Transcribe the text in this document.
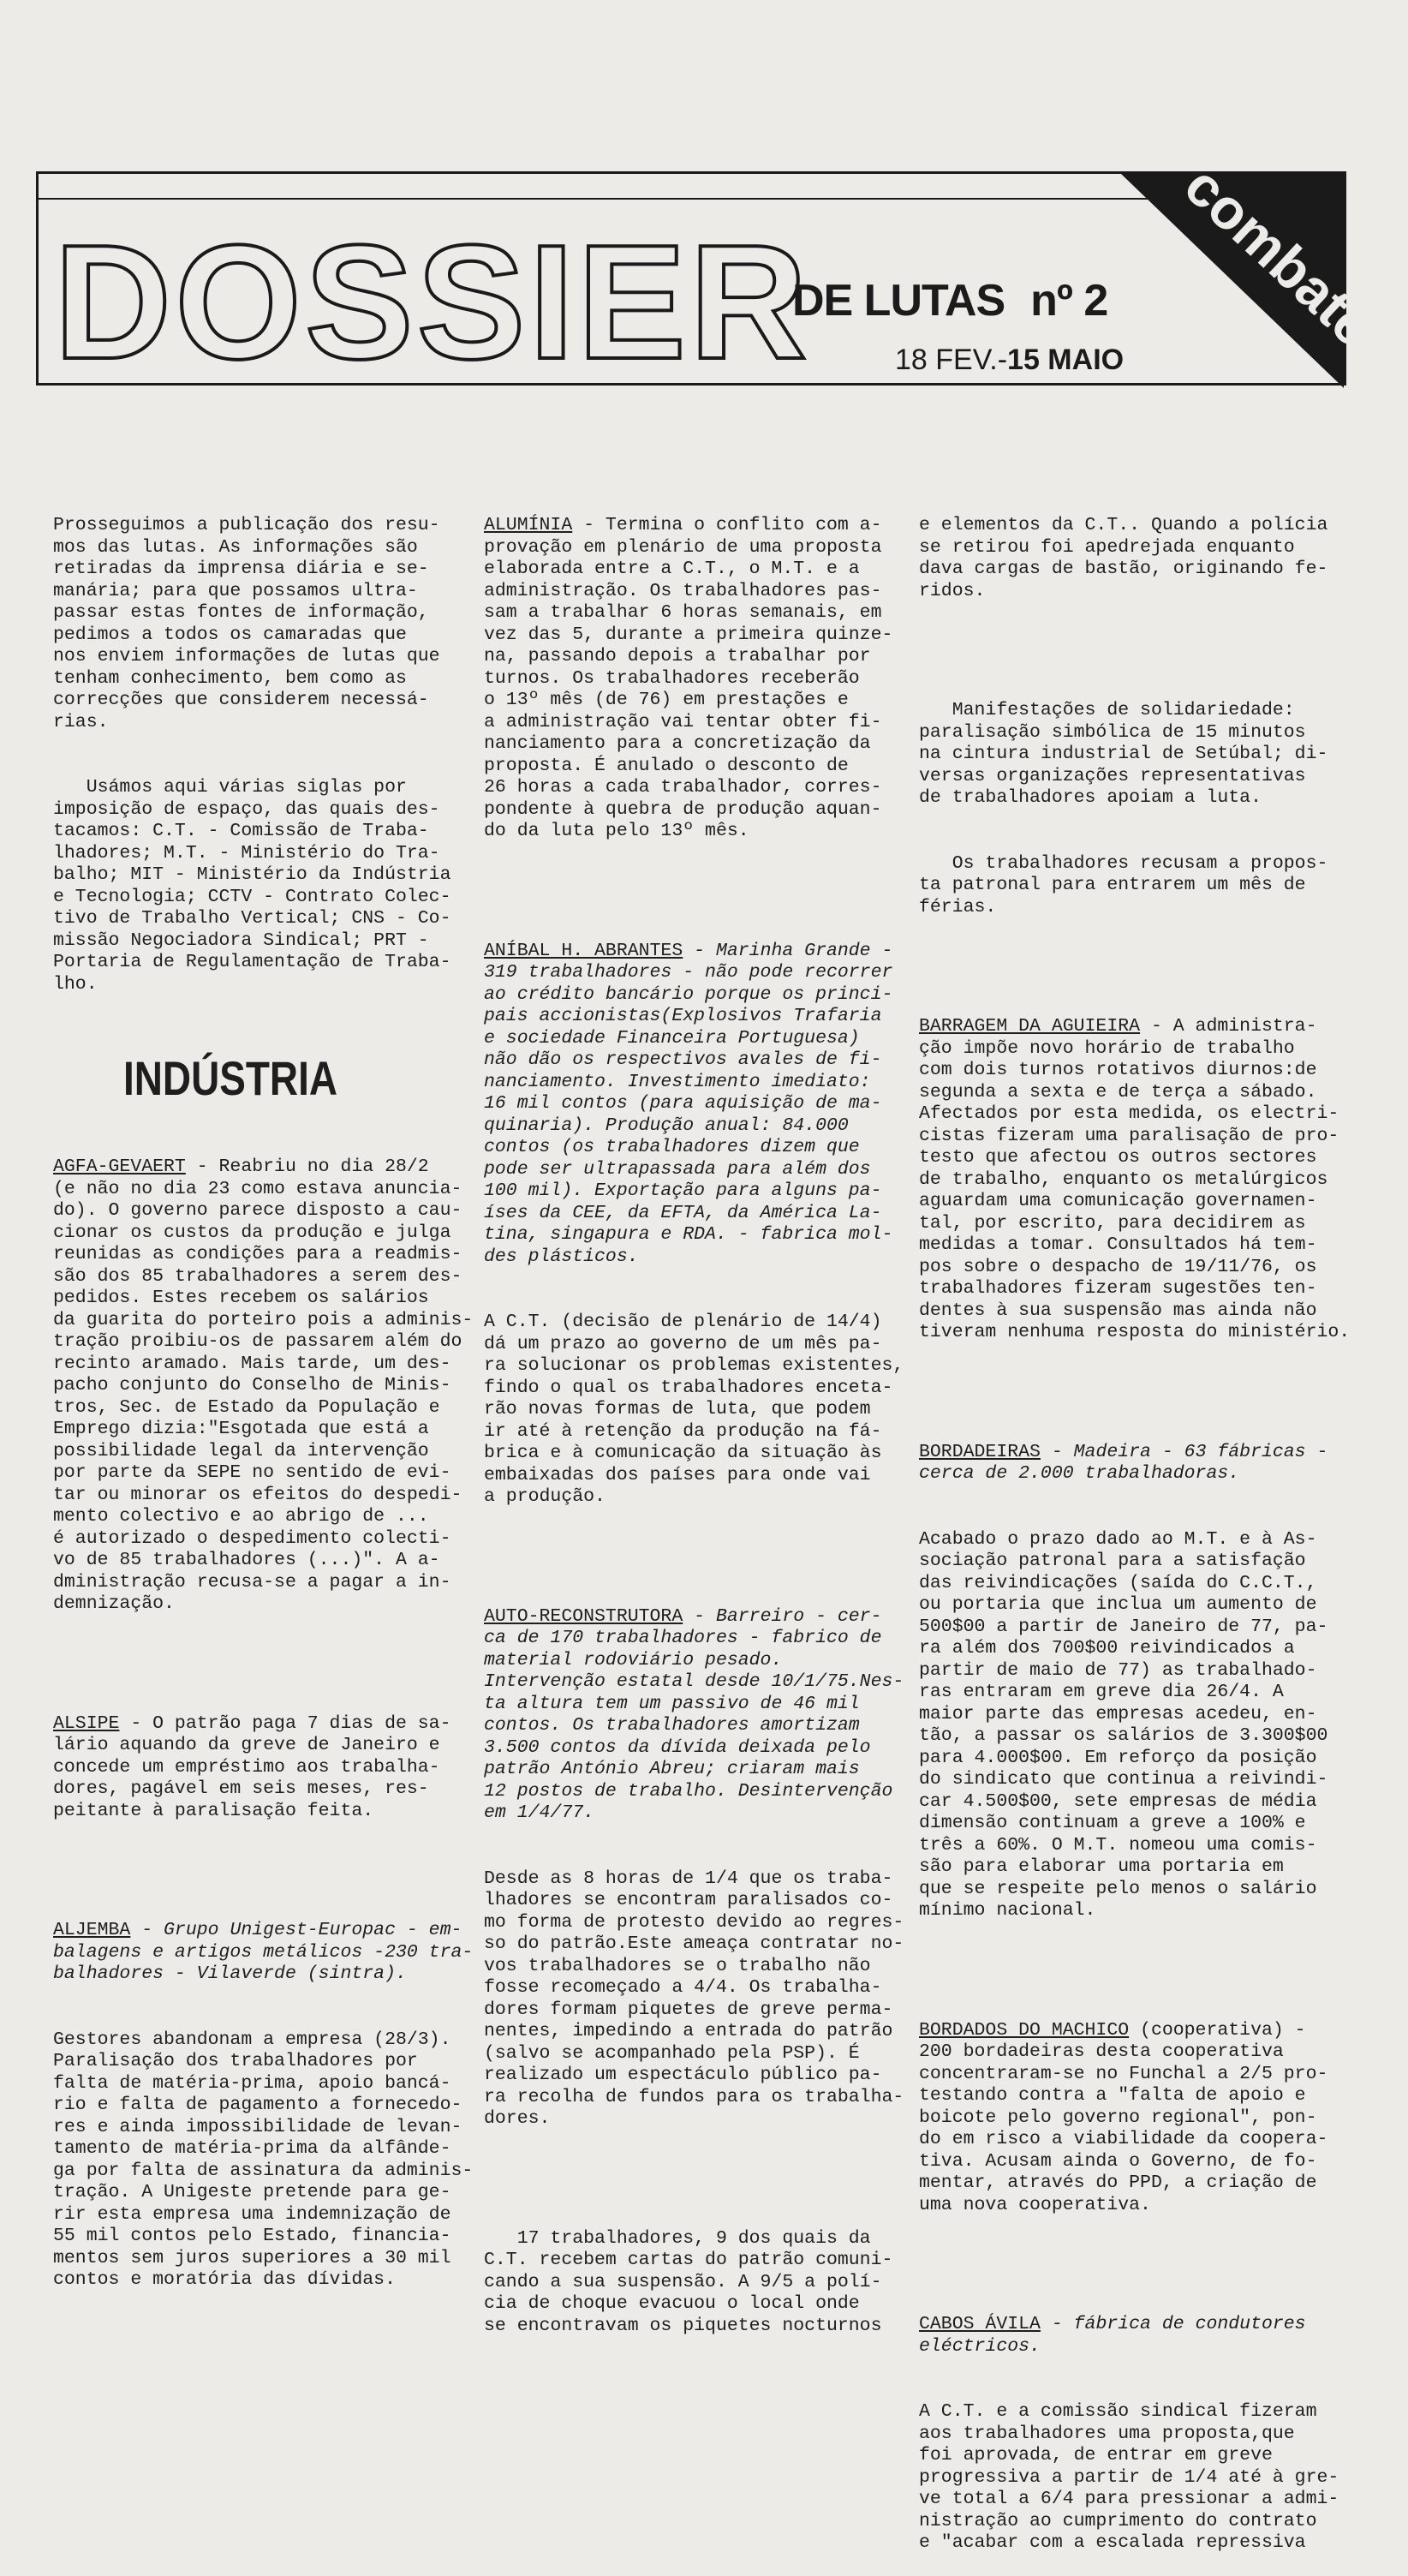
DOSSIER
DE LUTAS nº 2
18 FEV.-15 MAIO
combate

Prosseguimos a publicação dos resu-
mos das lutas. As informações são
retiradas da imprensa diária e se-
manária; para que possamos ultra-
passar estas fontes de informação,
pedimos a todos os camaradas que
nos enviem informações de lutas que
tenham conhecimento, bem como as
correcções que considerem necessá-
rias.

Usámos aqui várias siglas por
imposição de espaço, das quais des-
tacamos: C.T. - Comissão de Traba-
lhadores; M.T. - Ministério do Tra-
balho; MIT - Ministério da Indústria
e Tecnologia; CCTV - Contrato Colec-
tivo de Trabalho Vertical; CNS - Co-
missão Negociadora Sindical; PRT -
Portaria de Regulamentação de Traba-
lho.

INDÚSTRIA

AGFA-GEVAERT - Reabriu no dia 28/2
(e não no dia 23 como estava anuncia-
do). O governo parece disposto a cau-
cionar os custos da produção e julga
reunidas as condições para a readmis-
são dos 85 trabalhadores a serem des-
pedidos. Estes recebem os salários
da guarita do porteiro pois a adminis-
tração proibiu-os de passarem além do
recinto aramado. Mais tarde, um des-
pacho conjunto do Conselho de Minis-
tros, Sec. de Estado da População e
Emprego dizia:"Esgotada que está a
possibilidade legal da intervenção
por parte da SEPE no sentido de evi-
tar ou minorar os efeitos do despedi-
mento colectivo e ao abrigo de ...
é autorizado o despedimento colecti-
vo de 85 trabalhadores (...)". A a-
dministração recusa-se a pagar a in-
demnização.

ALSIPE - O patrão paga 7 dias de sa-
lário aquando da greve de Janeiro e
concede um empréstimo aos trabalha-
dores, pagável em seis meses, res-
peitante à paralisação feita.

ALJEMBA - Grupo Unigest-Europac - em-
balagens e artigos metálicos -230 tra-
balhadores - Vilaverde (sintra).

Gestores abandonam a empresa (28/3).
Paralisação dos trabalhadores por
falta de matéria-prima, apoio bancá-
rio e falta de pagamento a fornecedo-
res e ainda impossibilidade de levan-
tamento de matéria-prima da alfânde-
ga por falta de assinatura da adminis-
tração. A Unigeste pretende para ge-
rir esta empresa uma indemnização de
55 mil contos pelo Estado, financia-
mentos sem juros superiores a 30 mil
contos e moratória das dívidas.

ALUMÍNIA - Termina o conflito com a-
provação em plenário de uma proposta
elaborada entre a C.T., o M.T. e a
administração. Os trabalhadores pas-
sam a trabalhar 6 horas semanais, em
vez das 5, durante a primeira quinze-
na, passando depois a trabalhar por
turnos. Os trabalhadores receberão
o 13º mês (de 76) em prestações e
a administração vai tentar obter fi-
nanciamento para a concretização da
proposta. É anulado o desconto de
26 horas a cada trabalhador, corres-
pondente à quebra de produção aquan-
do da luta pelo 13º mês.

ANÍBAL H. ABRANTES - Marinha Grande -
319 trabalhadores - não pode recorrer
ao crédito bancário porque os princi-
pais accionistas(Explosivos Trafaria
e sociedade Financeira Portuguesa)
não dão os respectivos avales de fi-
nanciamento. Investimento imediato:
16 mil contos (para aquisição de ma-
quinaria). Produção anual: 84.000
contos (os trabalhadores dizem que
pode ser ultrapassada para além dos
100 mil). Exportação para alguns pa-
íses da CEE, da EFTA, da América La-
tina, singapura e RDA. - fabrica mol-
des plásticos.

A C.T. (decisão de plenário de 14/4)
dá um prazo ao governo de um mês pa-
ra solucionar os problemas existentes,
findo o qual os trabalhadores enceta-
rão novas formas de luta, que podem
ir até à retenção da produção na fá-
brica e à comunicação da situação às
embaixadas dos países para onde vai
a produção.

AUTO-RECONSTRUTORA - Barreiro - cer-
ca de 170 trabalhadores - fabrico de
material rodoviário pesado.
Intervenção estatal desde 10/1/75.Nes-
ta altura tem um passivo de 46 mil
contos. Os trabalhadores amortizam
3.500 contos da dívida deixada pelo
patrão António Abreu; criaram mais
12 postos de trabalho. Desintervenção
em 1/4/77.

Desde as 8 horas de 1/4 que os traba-
lhadores se encontram paralisados co-
mo forma de protesto devido ao regres-
so do patrão.Este ameaça contratar no-
vos trabalhadores se o trabalho não
fosse recomeçado a 4/4. Os trabalha-
dores formam piquetes de greve perma-
nentes, impedindo a entrada do patrão
(salvo se acompanhado pela PSP). É
realizado um espectáculo público pa-
ra recolha de fundos para os trabalha-
dores.

17 trabalhadores, 9 dos quais da
C.T. recebem cartas do patrão comuni-
cando a sua suspensão. A 9/5 a polí-
cia de choque evacuou o local onde
se encontravam os piquetes nocturnos

e elementos da C.T.. Quando a polícia
se retirou foi apedrejada enquanto
dava cargas de bastão, originando fe-
ridos.

Manifestações de solidariedade:
paralisação simbólica de 15 minutos
na cintura industrial de Setúbal; di-
versas organizações representativas
de trabalhadores apoiam a luta.

Os trabalhadores recusam a propos-
ta patronal para entrarem um mês de
férias.

BARRAGEM DA AGUIEIRA - A administra-
ção impõe novo horário de trabalho
com dois turnos rotativos diurnos:de
segunda a sexta e de terça a sábado.
Afectados por esta medida, os electri-
cistas fizeram uma paralisação de pro-
testo que afectou os outros sectores
de trabalho, enquanto os metalúrgicos
aguardam uma comunicação governamen-
tal, por escrito, para decidirem as
medidas a tomar. Consultados há tem-
pos sobre o despacho de 19/11/76, os
trabalhadores fizeram sugestões ten-
dentes à sua suspensão mas ainda não
tiveram nenhuma resposta do ministério.

BORDADEIRAS - Madeira - 63 fábricas -
cerca de 2.000 trabalhadoras.

Acabado o prazo dado ao M.T. e à As-
sociação patronal para a satisfação
das reivindicações (saída do C.C.T.,
ou portaria que inclua um aumento de
500$00 a partir de Janeiro de 77, pa-
ra além dos 700$00 reivindicados a
partir de maio de 77) as trabalhado-
ras entraram em greve dia 26/4. A
maior parte das empresas acedeu, en-
tão, a passar os salários de 3.300$00
para 4.000$00. Em reforço da posição
do sindicato que continua a reivindi-
car 4.500$00, sete empresas de média
dimensão continuam a greve a 100% e
três a 60%. O M.T. nomeou uma comis-
são para elaborar uma portaria em
que se respeite pelo menos o salário
mínimo nacional.

BORDADOS DO MACHICO (cooperativa) -
200 bordadeiras desta cooperativa
concentraram-se no Funchal a 2/5 pro-
testando contra a "falta de apoio e
boicote pelo governo regional", pon-
do em risco a viabilidade da coopera-
tiva. Acusam ainda o Governo, de fo-
mentar, através do PPD, a criação de
uma nova cooperativa.

CABOS ÁVILA - fábrica de condutores
eléctricos.

A C.T. e a comissão sindical fizeram
aos trabalhadores uma proposta,que
foi aprovada, de entrar em greve
progressiva a partir de 1/4 até à gre-
ve total a 6/4 para pressionar a admi-
nistração ao cumprimento do contrato
e "acabar com a escalada repressiva
